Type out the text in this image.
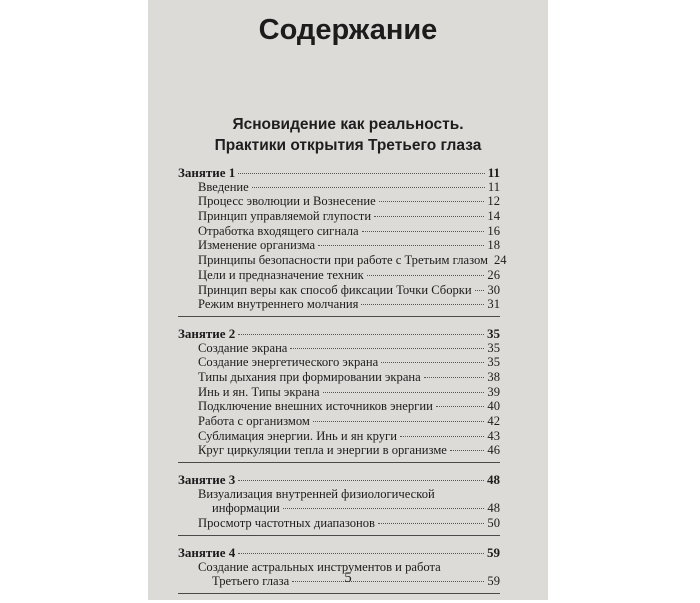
Содержание
Ясновидение как реальность.
Практики открытия Третьего глаза
Занятие 1	11
Введение	11
Процесс эволюции и Вознесение	12
Принцип управляемой глупости	14
Отработка входящего сигнала	16
Изменение организма	18
Принципы безопасности при работе с Третьим глазом 24
Цели и предназначение техник	26
Принцип веры как способ фиксации Точки Сборки 30
Режим внутреннего молчания	31
Занятие 2	35
Создание экрана	35
Создание энергетического экрана	35
Типы дыхания при формировании экрана	38
Инь и ян. Типы экрана	39
Подключение внешних источников энергии	40
Работа с организмом	42
Сублимация энергии. Инь и ян круги	43
Круг циркуляции тепла и энергии в организме	46
Занятие 3	48
Визуализация внутренней физиологической
информации	48
Просмотр частотных диапазонов	50
Занятие 4	59
Создание астральных инструментов и работа
Третьего глаза	59
5
